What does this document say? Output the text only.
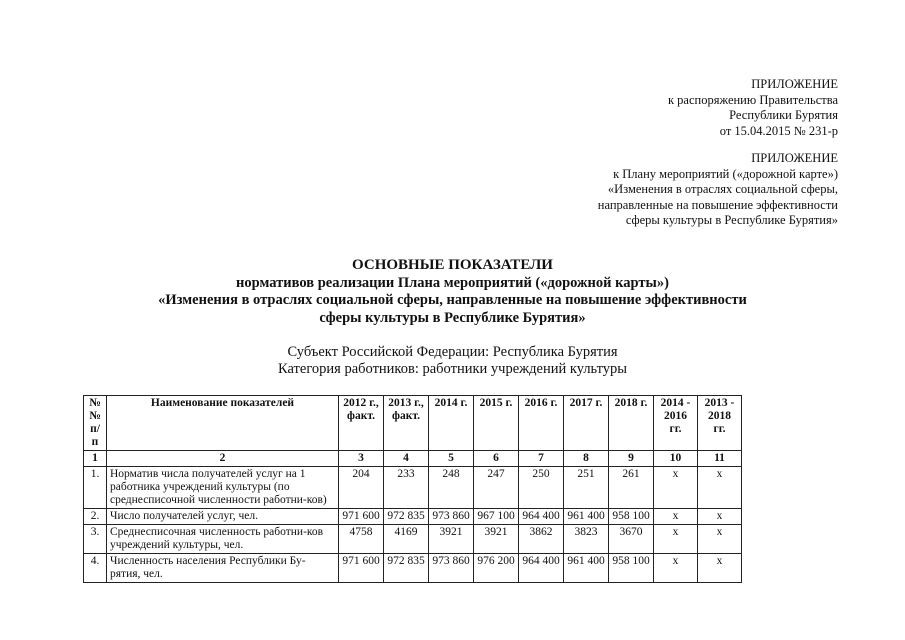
ПРИЛОЖЕНИЕ
к распоряжению Правительства
Республики Бурятия
от 15.04.2015 № 231-р
ПРИЛОЖЕНИЕ
к Плану мероприятий («дорожной карте»)
«Изменения в отраслях социальной сферы,
направленные на повышение эффективности
сферы культуры в Республике Бурятия»
ОСНОВНЫЕ ПОКАЗАТЕЛИ
нормативов реализации Плана мероприятий («дорожной карты»)
«Изменения в отраслях социальной сферы, направленные на повышение эффективности
сферы культуры в Республике Бурятия»
Субъект Российской Федерации: Республика Бурятия
Категория работников: работники учреждений культуры
№№ п/п	Наименование показателей	2012 г., факт.	2013 г., факт.	2014 г.	2015 г.	2016 г.	2017 г.	2018 г.	2014 - 2016 гг.	2013 - 2018 гг.
1	2	3	4	5	6	7	8	9	10	11
1.	Норматив числа получателей услуг на 1 работника учреждений культуры (по среднесписочной численности работни-ков)	204	233	248	247	250	251	261	х	х
2.	Число получателей услуг, чел.	971 600	972 835	973 860	967 100	964 400	961 400	958 100	х	х
3.	Среднесписочная численность работни-ков учреждений культуры, чел.	4758	4169	3921	3921	3862	3823	3670	х	х
4.	Численность населения Республики Бу-рятия, чел.	971 600	972 835	973 860	976 200	964 400	961 400	958 100	х	х
